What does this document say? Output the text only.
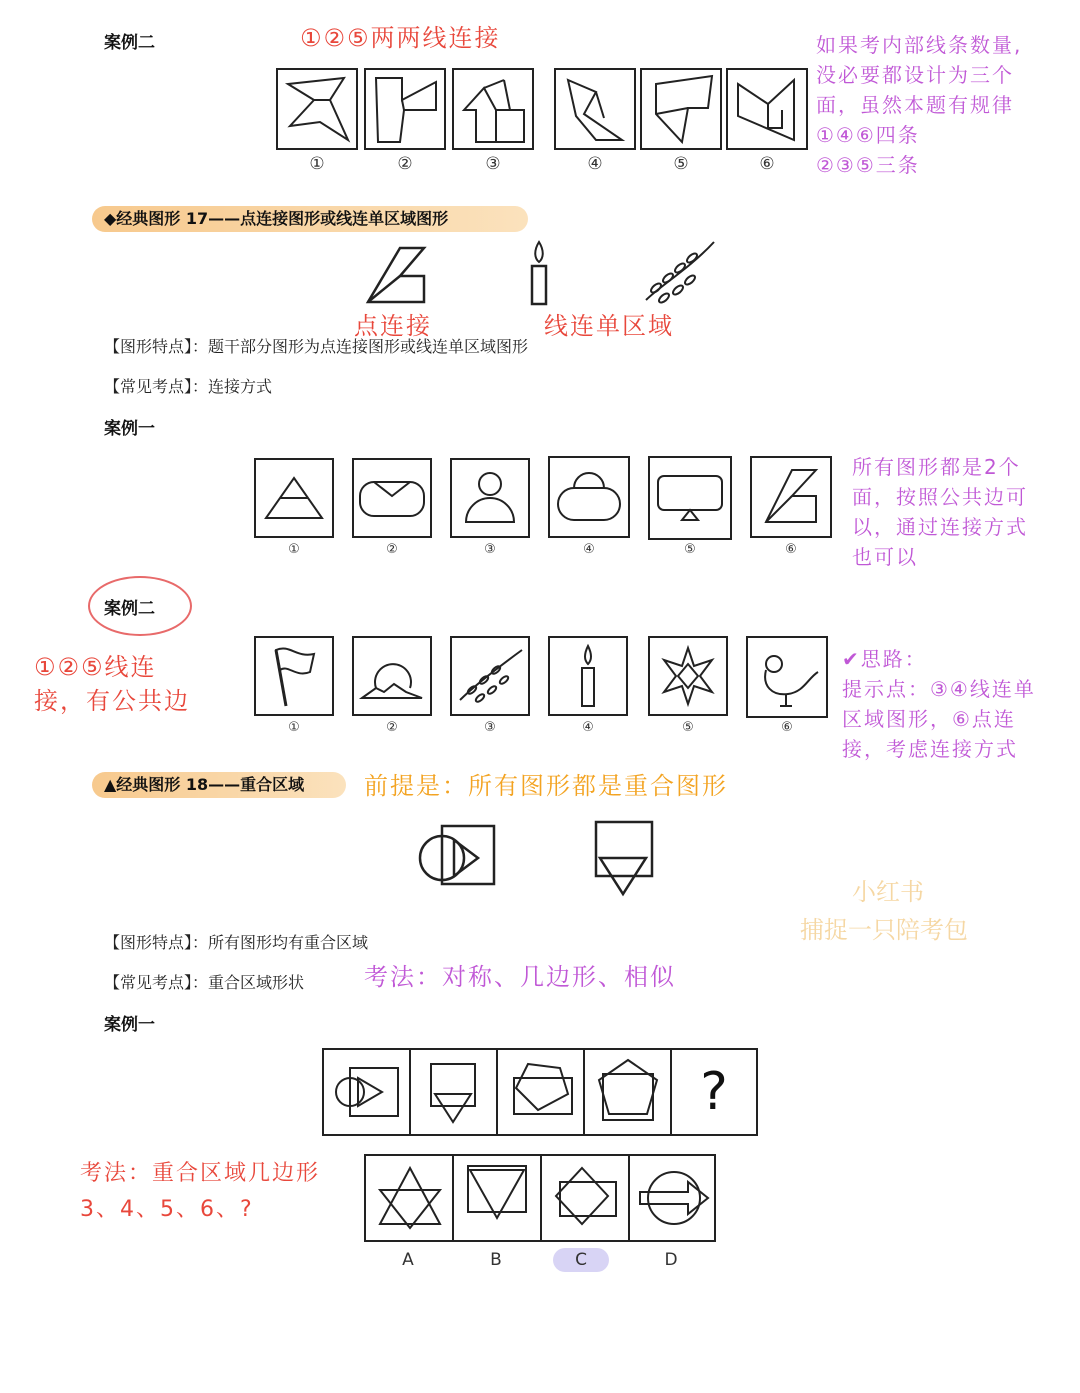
案例二	①②⑤两两线连接
①	②	③	④	⑤	⑥
如果考内部线条数量,
没必要都设计为三个
面，虽然本题有规律
①④⑥四条
②③⑤三条
◆经典图形 17——点连接图形或线连单区域图形
点连接	线连单区域
【图形特点】：题干部分图形为点连接图形或线连单区域图形
【常见考点】：连接方式
案例一
①	②	③	④	⑤	⑥
所有图形都是2个
面，按照公共边可
以，通过连接方式
也可以
案例二
①②⑤线连
接，有公共边
①	②	③	④	⑤	⑥
✔思路：
提示点：③④线连单
区域图形，⑥点连
接，考虑连接方式
▲经典图形 18——重合区域	前提是：所有图形都是重合图形
小红书
捕捉一只陪考包
【图形特点】：所有图形均有重合区域
【常见考点】：重合区域形状 考法：对称、几边形、相似
案例一
?
考法：重合区域几边形
3、4、5、6、?
A	B	C	D
